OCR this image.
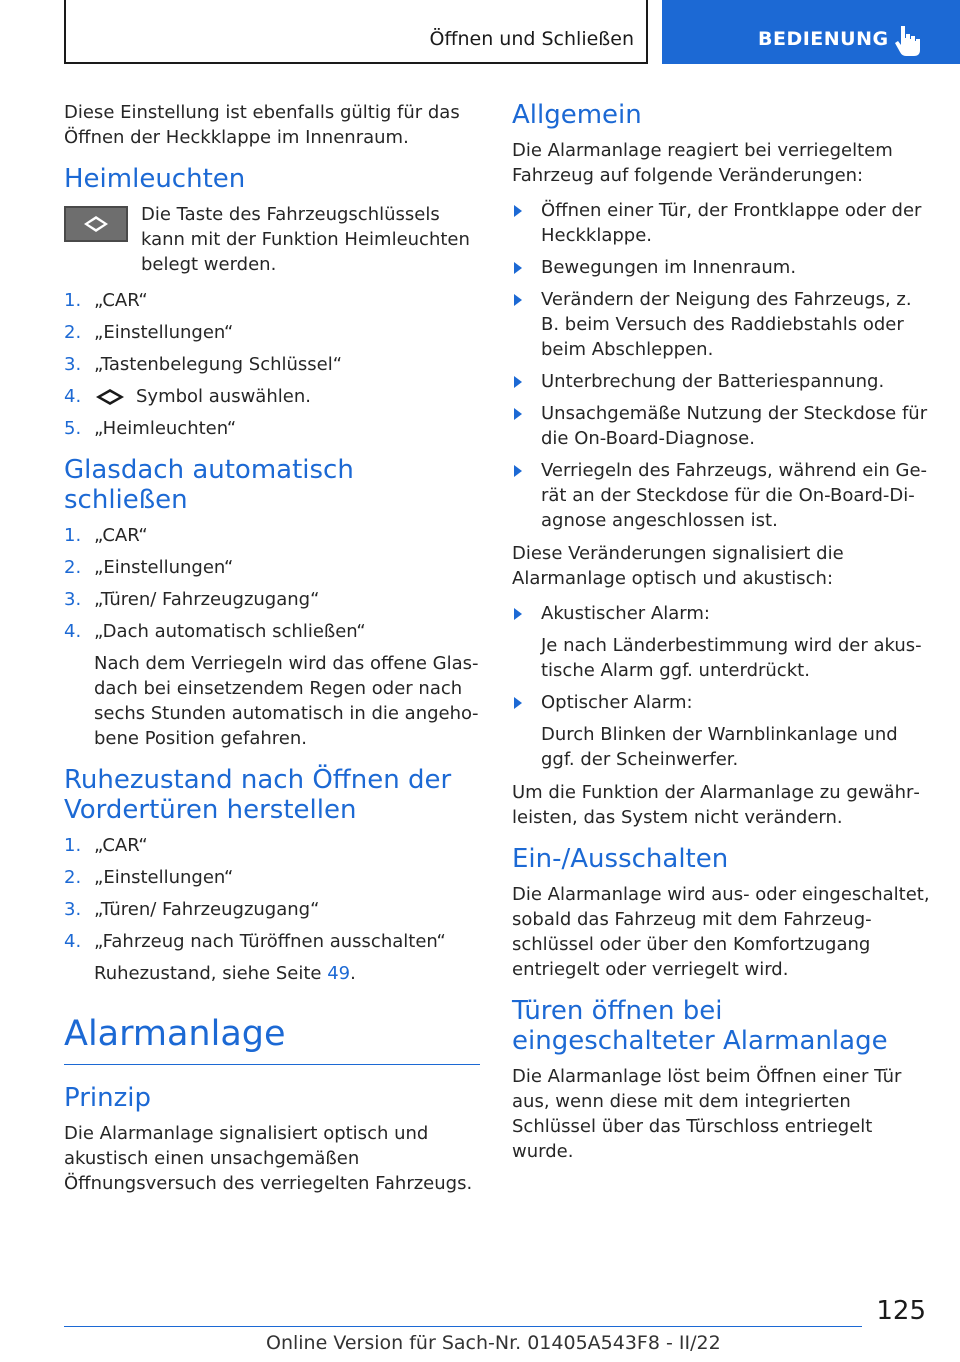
Öffnen und Schließen	BEDIENUNG

Diese Einstellung ist ebenfalls gültig für das Öffnen der Heckklappe im Innenraum.

Heimleuchten

Die Taste des Fahrzeugschlüssels kann mit der Funktion Heimleuchten belegt werden.

1. „CAR“
2. „Einstellungen“
3. „Tastenbelegung Schlüssel“
4.	Symbol auswählen.
5. „Heimleuchten“
Glasdach automatisch schließen
1. „CAR“
2. „Einstellungen“
3. „Türen/ Fahrzeugzugang“
4. „Dach automatisch schließen“
Nach dem Verriegeln wird das offene Glasdach bei einsetzendem Regen oder nach sechs Stunden automatisch in die angehobene Position gefahren.
Ruhezustand nach Öffnen der Vordertüren herstellen
1. „CAR“
2. „Einstellungen“
3. „Türen/ Fahrzeugzugang“
4. „Fahrzeug nach Türöffnen ausschalten“
Ruhezustand, siehe Seite 49.
Alarmanlage
Prinzip

Die Alarmanlage signalisiert optisch und akustisch einen unsachgemäßen Öffnungsversuch des verriegelten Fahrzeugs.

Allgemein

Die Alarmanlage reagiert bei verriegeltem Fahrzeug auf folgende Veränderungen:

Öffnen einer Tür, der Frontklappe oder der Heckklappe.
Bewegungen im Innenraum.
Verändern der Neigung des Fahrzeugs, z. B. beim Versuch des Raddiebstahls oder beim Abschleppen.
Unterbrechung der Batteriespannung.
Unsachgemäße Nutzung der Steckdose für die On-Board-Diagnose.
Verriegeln des Fahrzeugs, während ein Gerät an der Steckdose für die On-Board-Diagnose angeschlossen ist.

Diese Veränderungen signalisiert die Alarmanlage optisch und akustisch:

Akustischer Alarm:
Je nach Länderbestimmung wird der akustische Alarm ggf. unterdrückt.
Optischer Alarm:
Durch Blinken der Warnblinkanlage und ggf. der Scheinwerfer.

Um die Funktion der Alarmanlage zu gewährleisten, das System nicht verändern.

Ein-/Ausschalten

Die Alarmanlage wird aus- oder eingeschaltet, sobald das Fahrzeug mit dem Fahrzeugschlüssel oder über den Komfortzugang entriegelt oder verriegelt wird.

Türen öffnen bei eingeschalteter Alarmanlage

Die Alarmanlage löst beim Öffnen einer Tür aus, wenn diese mit dem integrierten Schlüssel über das Türschloss entriegelt wurde.

125
Online Version für Sach-Nr. 01405A543F8 - II/22
